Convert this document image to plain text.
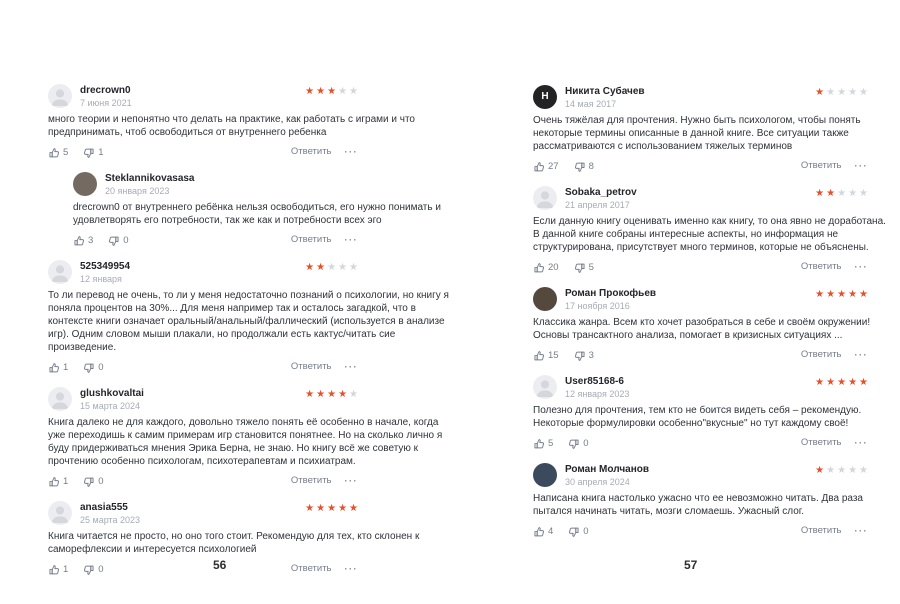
drecrown0
7 июня 2021
★ ★ ★ ★ ★
много теории и непонятно что делать на практике, как работать с играми и что предпринимать, чтоб освободиться от внутреннего ребенка
5	1	Ответить ···
Steklannikovasasa
20 января 2023
drecrown0 от внутреннего ребёнка нельзя освободиться, его нужно понимать и удовлетворять его потребности, так же как и потребности всех эго
3	0	Ответить ···
525349954
12 января
★ ★ ★ ★ ★
То ли перевод не очень, то ли у меня недостаточно познаний о психологии, но книгу я поняла процентов на 30%... Для меня например так и осталось загадкой, что в контексте книги означает оральный/анальный/фаллический (используется в анализе игр). Одним словом мыши плакали, но продолжали есть кактус/читать сие произведение.
1	0	Ответить ···
glushkovaltai
15 марта 2024
★ ★ ★ ★ ★
Книга далеко не для каждого, довольно тяжело понять её особенно в начале, когда уже переходишь к самим примерам игр становится понятнее. Но на сколько лично я буду придерживаться мнения Эрика Берна, не знаю. Но книгу всё же советую к прочтению особенно психологам, психотерапевтам и психиатрам.
1	0	Ответить ···
anasia555
25 марта 2023
★ ★ ★ ★ ★
Книга читается не просто, но оно того стоит. Рекомендую для тех, кто склонен к саморефлексии и интересуется психологией
1	0	Ответить ···
Н Никита Субачев
14 мая 2017
★ ★ ★ ★ ★
Очень тяжёлая для прочтения. Нужно быть психологом, чтобы понять некоторые термины описанные в данной книге. Все ситуации также рассматриваются с использованием тяжелых терминов
27	8	Ответить ···
Sobaka_petrov
21 апреля 2017
★ ★ ★ ★ ★
Если данную книгу оценивать именно как книгу, то она явно не доработана. В данной книге собраны интересные аспекты, но информация не структурирована, присутствует много терминов, которые не объяснены.
20	5	Ответить ···
Роман Прокофьев
17 ноября 2016
★ ★ ★ ★ ★
Классика жанра. Всем кто хочет разобраться в себе и своём окружении! Основы трансактного анализа, помогает в кризисных ситуациях ...
15	3	Ответить ···
User85168-6
12 января 2023
★ ★ ★ ★ ★
Полезно для прочтения, тем кто не боится видеть себя – рекомендую. Некоторые формулировки особенно"вкусные" но тут каждому своё!
5	0	Ответить ···
Роман Молчанов
30 апреля 2024
★ ★ ★ ★ ★
Написана книга настолько ужасно что ее невозможно читать. Два раза пытался начинать читать, мозги сломаешь. Ужасный слог.
4	0	Ответить ···
56	57
